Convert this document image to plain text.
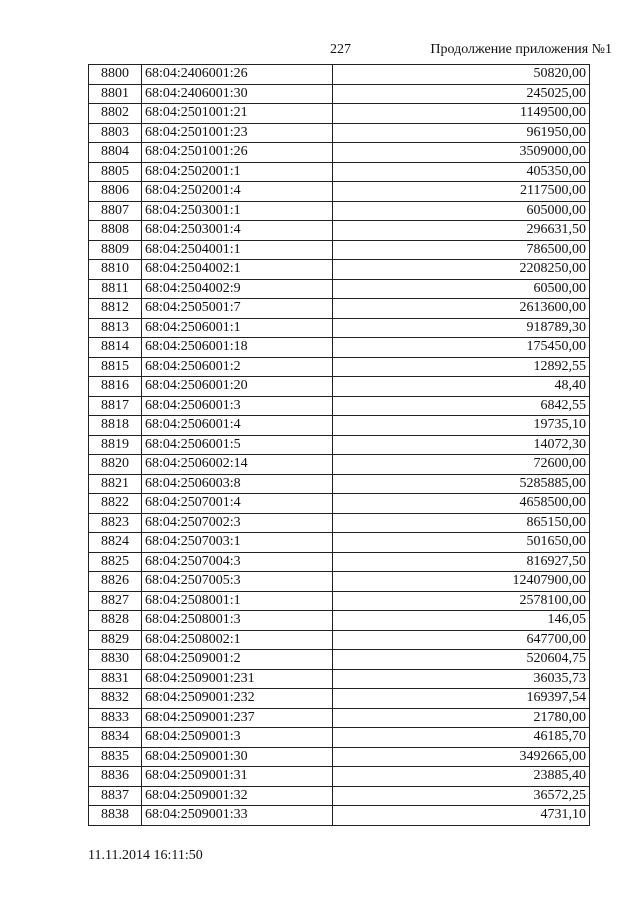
227	Продолжение приложения №1
8800	68:04:2406001:26	50820,00
8801	68:04:2406001:30	245025,00
8802	68:04:2501001:21	1149500,00
8803	68:04:2501001:23	961950,00
8804	68:04:2501001:26	3509000,00
8805	68:04:2502001:1	405350,00
8806	68:04:2502001:4	2117500,00
8807	68:04:2503001:1	605000,00
8808	68:04:2503001:4	296631,50
8809	68:04:2504001:1	786500,00
8810	68:04:2504002:1	2208250,00
8811	68:04:2504002:9	60500,00
8812	68:04:2505001:7	2613600,00
8813	68:04:2506001:1	918789,30
8814	68:04:2506001:18	175450,00
8815	68:04:2506001:2	12892,55
8816	68:04:2506001:20	48,40
8817	68:04:2506001:3	6842,55
8818	68:04:2506001:4	19735,10
8819	68:04:2506001:5	14072,30
8820	68:04:2506002:14	72600,00
8821	68:04:2506003:8	5285885,00
8822	68:04:2507001:4	4658500,00
8823	68:04:2507002:3	865150,00
8824	68:04:2507003:1	501650,00
8825	68:04:2507004:3	816927,50
8826	68:04:2507005:3	12407900,00
8827	68:04:2508001:1	2578100,00
8828	68:04:2508001:3	146,05
8829	68:04:2508002:1	647700,00
8830	68:04:2509001:2	520604,75
8831	68:04:2509001:231	36035,73
8832	68:04:2509001:232	169397,54
8833	68:04:2509001:237	21780,00
8834	68:04:2509001:3	46185,70
8835	68:04:2509001:30	3492665,00
8836	68:04:2509001:31	23885,40
8837	68:04:2509001:32	36572,25
8838	68:04:2509001:33	4731,10
11.11.2014 16:11:50
